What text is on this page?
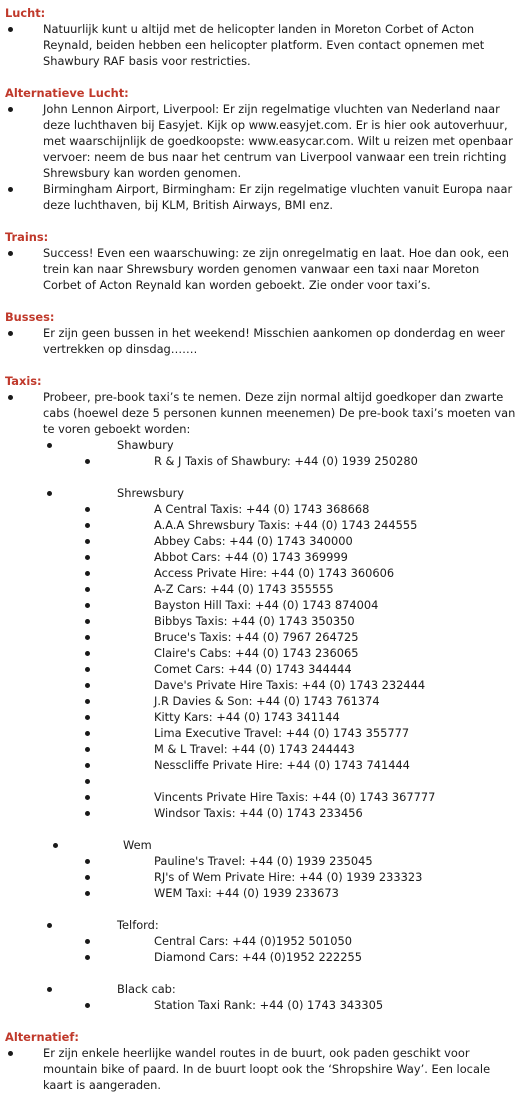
Lucht:
Natuurlijk kunt u altijd met de helicopter landen in Moreton Corbet of Acton Reynald, beiden hebben een helicopter platform. Even contact opnemen met Shawbury RAF basis voor restricties.
Alternatieve Lucht:
John Lennon Airport, Liverpool: Er zijn regelmatige vluchten van Nederland naar deze luchthaven bij Easyjet. Kijk op www.easyjet.com. Er is hier ook autoverhuur, met waarschijnlijk de goedkoopste: www.easycar.com. Wilt u reizen met openbaar vervoer: neem de bus naar het centrum van Liverpool vanwaar een trein richting Shrewsbury kan worden genomen.
Birmingham Airport, Birmingham: Er zijn regelmatige vluchten vanuit Europa naar deze luchthaven, bij KLM, British Airways, BMI enz.
Trains:
Success! Even een waarschuwing: ze zijn onregelmatig en laat. Hoe dan ook, een trein kan naar Shrewsbury worden genomen vanwaar een taxi naar Moreton Corbet of Acton Reynald kan worden geboekt. Zie onder voor taxi’s.
Busses:
Er zijn geen bussen in het weekend! Misschien aankomen op donderdag en weer vertrekken op dinsdag…….
Taxis:
Probeer, pre-book taxi’s te nemen. Deze zijn normal altijd goedkoper dan zwarte cabs (hoewel deze 5 personen kunnen meenemen) De pre-book taxi’s moeten van te voren geboekt worden:
Shawbury
R & J Taxis of Shawbury: +44 (0) 1939 250280
Shrewsbury
A Central Taxis: +44 (0) 1743 368668
A.A.A Shrewsbury Taxis: +44 (0) 1743 244555
Abbey Cabs: +44 (0) 1743 340000
Abbot Cars: +44 (0) 1743 369999
Access Private Hire: +44 (0) 1743 360606
A-Z Cars: +44 (0) 1743 355555
Bayston Hill Taxi: +44 (0) 1743 874004
Bibbys Taxis: +44 (0) 1743 350350
Bruce's Taxis: +44 (0) 7967 264725
Claire's Cabs: +44 (0) 1743 236065
Comet Cars: +44 (0) 1743 344444
Dave's Private Hire Taxis: +44 (0) 1743 232444
J.R Davies & Son: +44 (0) 1743 761374
Kitty Kars: +44 (0) 1743 341144
Lima Executive Travel: +44 (0) 1743 355777
M & L Travel: +44 (0) 1743 244443
Nesscliffe Private Hire: +44 (0) 1743 741444
Vincents Private Hire Taxis: +44 (0) 1743 367777
Windsor Taxis: +44 (0) 1743 233456
Wem
Pauline's Travel: +44 (0) 1939 235045
RJ's of Wem Private Hire: +44 (0) 1939 233323
WEM Taxi: +44 (0) 1939 233673
Telford:
Central Cars: +44 (0)1952 501050
Diamond Cars: +44 (0)1952 222255
Black cab:
Station Taxi Rank: +44 (0) 1743 343305
Alternatief:
Er zijn enkele heerlijke wandel routes in de buurt, ook paden geschikt voor mountain bike of paard. In de buurt loopt ook the ‘Shropshire Way’. Een locale kaart is aangeraden.
